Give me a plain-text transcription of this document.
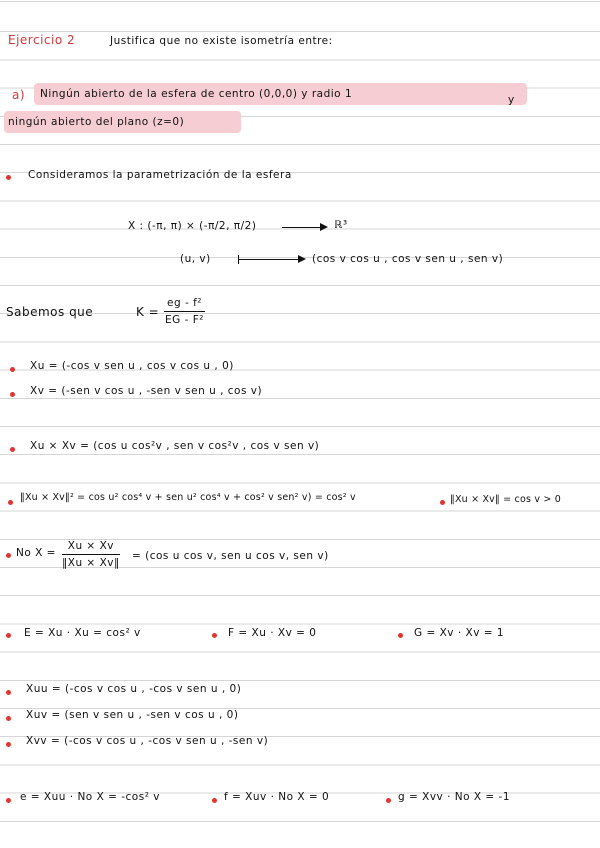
Ejercicio 2	Justifica que no existe isometría entre:
a) Ningún abierto de la esfera de centro (0,0,0) y radio 1	y
ningún abierto del plano (z=0)
Consideramos la parametrización de la esfera
X : (-π, π) × (-π/2, π/2)	ℝ³
(u, v)	(cos v cos u , cos v sen u , sen v)
Sabemos que	$K = \frac{\text{eg - f²}}{\text{EG - F²}}$
Xu = (-cos v sen u , cos v cos u , 0)
Xv = (-sen v cos u , -sen v sen u , cos v)
Xu × Xv = (cos u cos²v , sen v cos²v , cos v sen v)
‖Xu × Xv‖² = cos u² cos⁴ v + sen u² cos⁴ v + cos² v sen² v) = cos² v	‖Xu × Xv‖ = cos v > 0
No $X = \frac{Xu \times Xv}{‖Xu \times Xv‖} = (\cos$ u cos v, sen u cos v, sen v)
E = Xu · Xu = cos² v	F = Xu · Xv = 0	G = Xv · Xv = 1
Xuu = (-cos v cos u , -cos v sen u , 0)
Xuv = (sen v sen u , -sen v cos u , 0)
Xvv = (-cos v cos u , -cos v sen u , -sen v)
e = Xuu · No X = -cos² v	f = Xuv · No X = 0	g = Xvv · No X = -1
